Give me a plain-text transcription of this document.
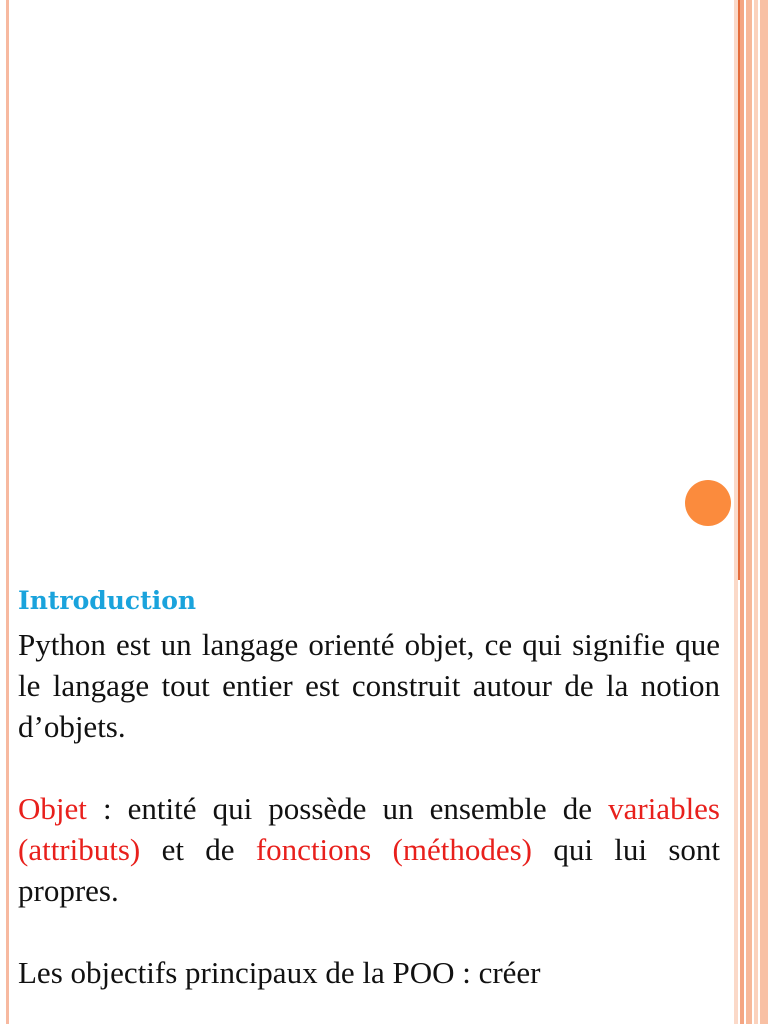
Introduction

Python est un langage orienté objet, ce qui signifie que le langage tout entier est construit autour de la notion d’objets.

Objet : entité qui possède un ensemble de variables (attributs) et de fonctions (méthodes) qui lui sont propres.

Les objectifs principaux de la POO : créer
